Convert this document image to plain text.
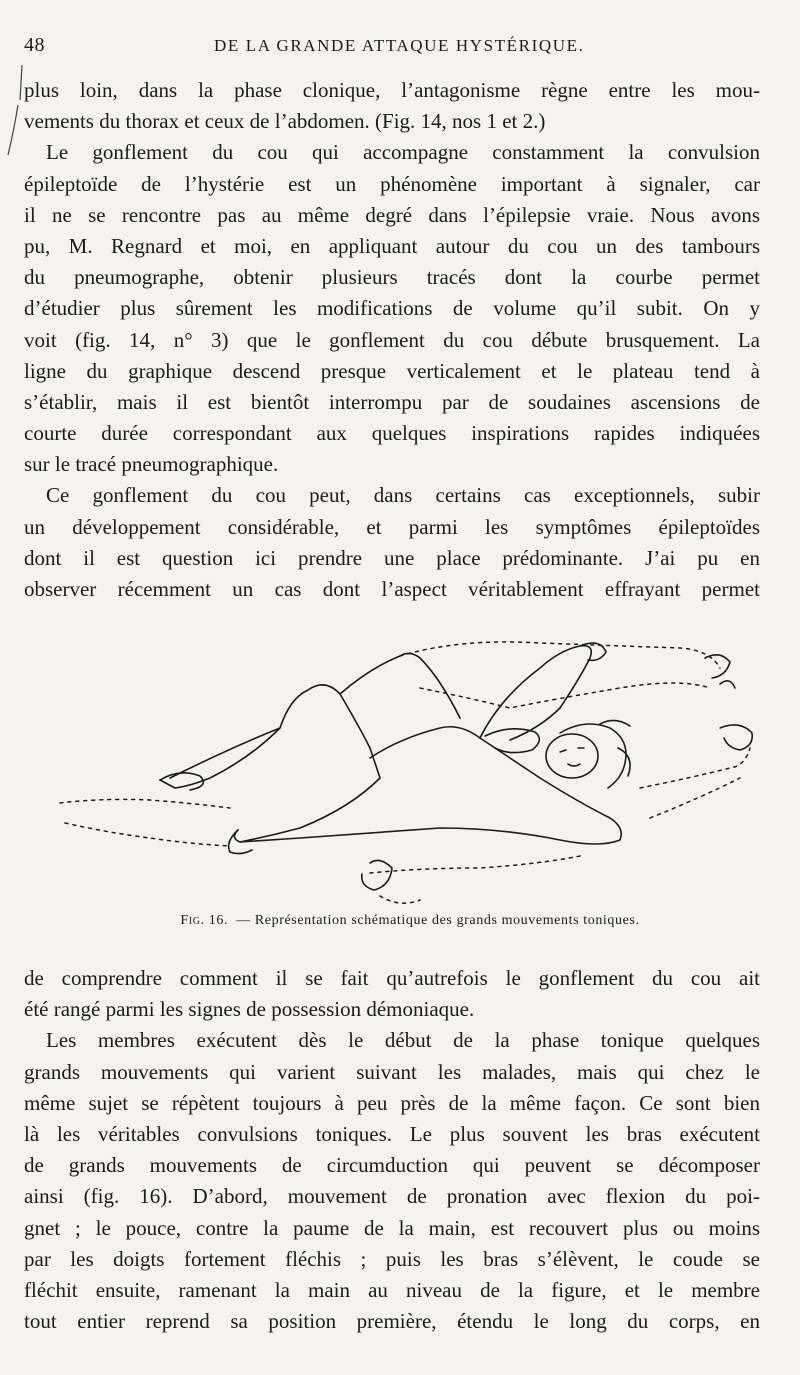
48	DE LA GRANDE ATTAQUE HYSTÉRIQUE.
plus loin, dans la phase clonique, l’antagonisme règne entre les mou-
vements du thorax et ceux de l’abdomen. (Fig. 14, nos 1 et 2.)
Le gonflement du cou qui accompagne constamment la convulsion
épileptoïde de l’hystérie est un phénomène important à signaler, car
il ne se rencontre pas au même degré dans l’épilepsie vraie. Nous avons
pu, M. Regnard et moi, en appliquant autour du cou un des tambours
du pneumographe, obtenir plusieurs tracés dont la courbe permet
d’étudier plus sûrement les modifications de volume qu’il subit. On y
voit (fig. 14, n° 3) que le gonflement du cou débute brusquement. La
ligne du graphique descend presque verticalement et le plateau tend à
s’établir, mais il est bientôt interrompu par de soudaines ascensions de
courte durée correspondant aux quelques inspirations rapides indiquées
sur le tracé pneumographique.
Ce gonflement du cou peut, dans certains cas exceptionnels, subir
un développement considérable, et parmi les symptômes épileptoïdes
dont il est question ici prendre une place prédominante. J’ai pu en
observer récemment un cas dont l’aspect véritablement effrayant permet
Fig. 16. — Représentation schématique des grands mouvements toniques.
de comprendre comment il se fait qu’autrefois le gonflement du cou ait
été rangé parmi les signes de possession démoniaque.
Les membres exécutent dès le début de la phase tonique quelques
grands mouvements qui varient suivant les malades, mais qui chez le
même sujet se répètent toujours à peu près de la même façon. Ce sont bien
là les véritables convulsions toniques. Le plus souvent les bras exécutent
de grands mouvements de circumduction qui peuvent se décomposer
ainsi (fig. 16). D’abord, mouvement de pronation avec flexion du poi-
gnet ; le pouce, contre la paume de la main, est recouvert plus ou moins
par les doigts fortement fléchis ; puis les bras s’élèvent, le coude se
fléchit ensuite, ramenant la main au niveau de la figure, et le membre
tout entier reprend sa position première, étendu le long du corps, en
